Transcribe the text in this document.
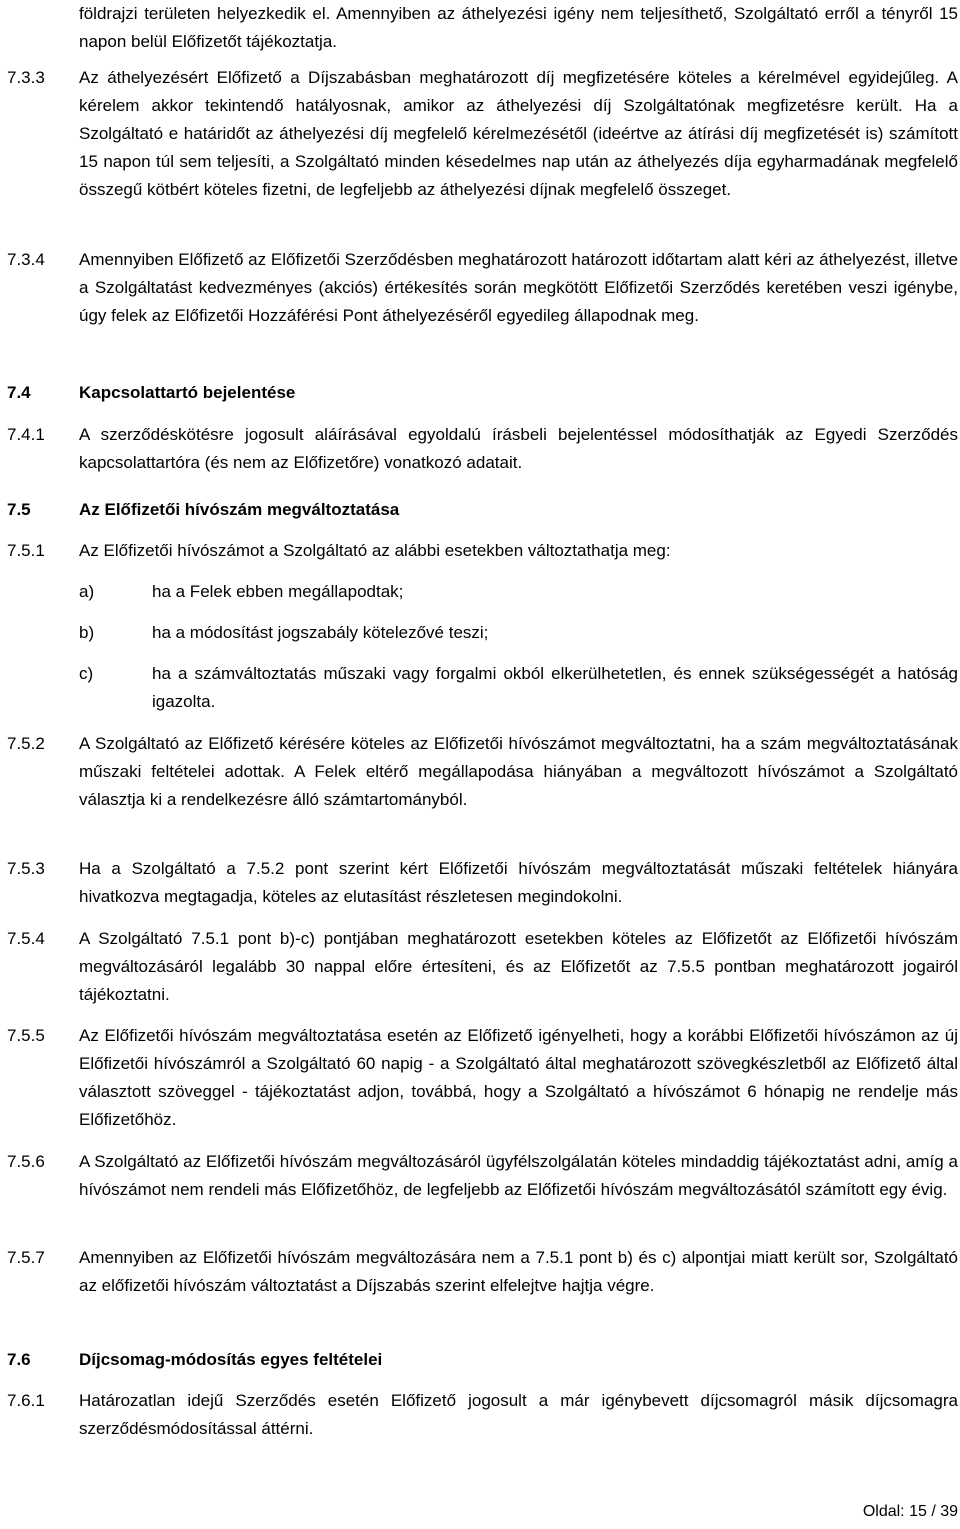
földrajzi területen helyezkedik el. Amennyiben az áthelyezési igény nem teljesíthető, Szolgáltató erről a tényről 15 napon belül Előfizetőt tájékoztatja.
7.3.3 Az áthelyezésért Előfizető a Díjszabásban meghatározott díj megfizetésére köteles a kérelmével egyidejűleg. A kérelem akkor tekintendő hatályosnak, amikor az áthelyezési díj Szolgáltatónak megfizetésre került. Ha a Szolgáltató e határidőt az áthelyezési díj megfelelő kérelmezésétől (ideértve az átírási díj megfizetését is) számított 15 napon túl sem teljesíti, a Szolgáltató minden késedelmes nap után az áthelyezés díja egyharmadának megfelelő összegű kötbért köteles fizetni, de legfeljebb az áthelyezési díjnak megfelelő összeget.
7.3.4 Amennyiben Előfizető az Előfizetői Szerződésben meghatározott határozott időtartam alatt kéri az áthelyezést, illetve a Szolgáltatást kedvezményes (akciós) értékesítés során megkötött Előfizetői Szerződés keretében veszi igénybe, úgy felek az Előfizetői Hozzáférési Pont áthelyezéséről egyedileg állapodnak meg.
7.4	Kapcsolattartó bejelentése
7.4.1 A szerződéskötésre jogosult aláírásával egyoldalú írásbeli bejelentéssel módosíthatják az Egyedi Szerződés kapcsolattartóra (és nem az Előfizetőre) vonatkozó adatait.
7.5	Az Előfizetői hívószám megváltoztatása
7.5.1 Az Előfizetői hívószámot a Szolgáltató az alábbi esetekben változtathatja meg:
a)	ha a Felek ebben megállapodtak;
b)	ha a módosítást jogszabály kötelezővé teszi;
c)	ha a számváltoztatás műszaki vagy forgalmi okból elkerülhetetlen, és ennek szükségességét a hatóság igazolta.
7.5.2 A Szolgáltató az Előfizető kérésére köteles az Előfizetői hívószámot megváltoztatni, ha a szám megváltoztatásának műszaki feltételei adottak. A Felek eltérő megállapodása hiányában a megváltozott hívószámot a Szolgáltató választja ki a rendelkezésre álló számtartományból.
7.5.3 Ha a Szolgáltató a 7.5.2 pont szerint kért Előfizetői hívószám megváltoztatását műszaki feltételek hiányára hivatkozva megtagadja, köteles az elutasítást részletesen megindokolni.
7.5.4 A Szolgáltató 7.5.1 pont b)-c) pontjában meghatározott esetekben köteles az Előfizetőt az Előfizetői hívószám megváltozásáról legalább 30 nappal előre értesíteni, és az Előfizetőt az 7.5.5 pontban meghatározott jogairól tájékoztatni.
7.5.5 Az Előfizetői hívószám megváltoztatása esetén az Előfizető igényelheti, hogy a korábbi Előfizetői hívószámon az új Előfizetői hívószámról a Szolgáltató 60 napig - a Szolgáltató által meghatározott szövegkészletből az Előfizető által választott szöveggel - tájékoztatást adjon, továbbá, hogy a Szolgáltató a hívószámot 6 hónapig ne rendelje más Előfizetőhöz.
7.5.6 A Szolgáltató az Előfizetői hívószám megváltozásáról ügyfélszolgálatán köteles mindaddig tájékoztatást adni, amíg a hívószámot nem rendeli más Előfizetőhöz, de legfeljebb az Előfizetői hívószám megváltozásától számított egy évig.
7.5.7 Amennyiben az Előfizetői hívószám megváltozására nem a 7.5.1 pont b) és c) alpontjai miatt került sor, Szolgáltató az előfizetői hívószám változtatást a Díjszabás szerint elfelejtve hajtja végre.
7.6	Díjcsomag-módosítás egyes feltételei
7.6.1 Határozatlan idejű Szerződés esetén Előfizető jogosult a már igénybevett díjcsomagról másik díjcsomagra szerződésmódosítással áttérni.
Oldal: 15 / 39
